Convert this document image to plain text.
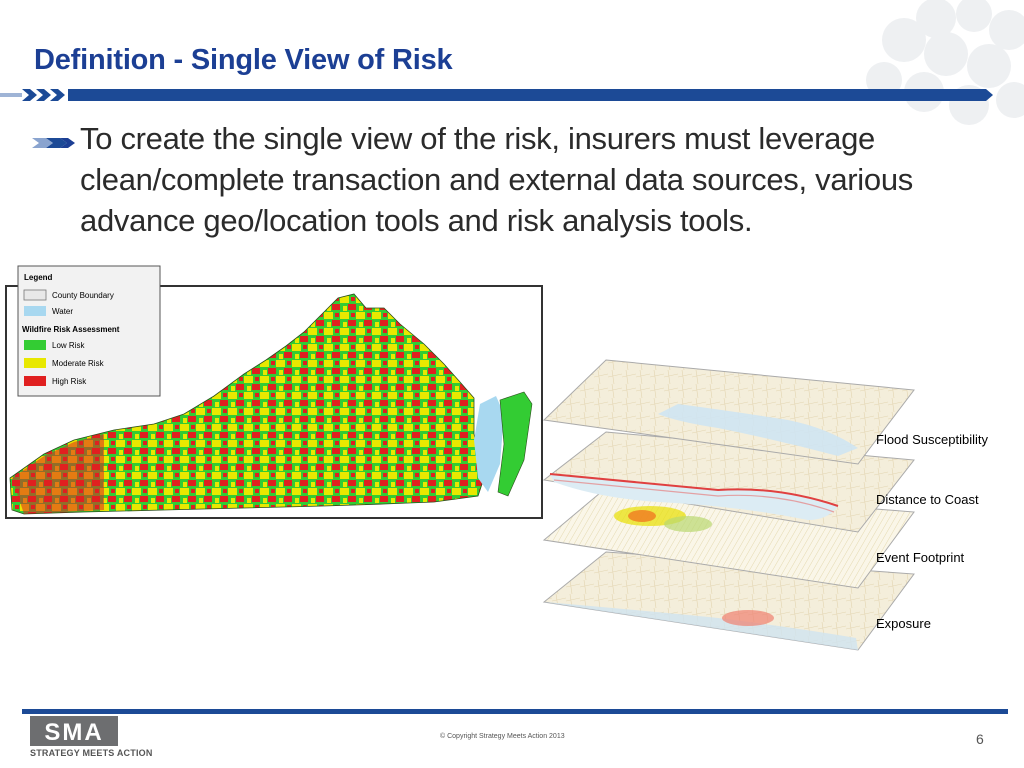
Definition - Single View of Risk
To create the single view of the risk, insurers must leverage clean/complete transaction and external data sources, various advance geo/location tools and risk analysis tools.
Legend
County Boundary
Water
Wildfire Risk Assessment
Low Risk
Moderate Risk
High Risk
Flood Susceptibility
Distance to Coast
Event Footprint
Exposure
SMA
STRATEGY MEETS ACTION
© Copyright Strategy Meets Action 2013	6
